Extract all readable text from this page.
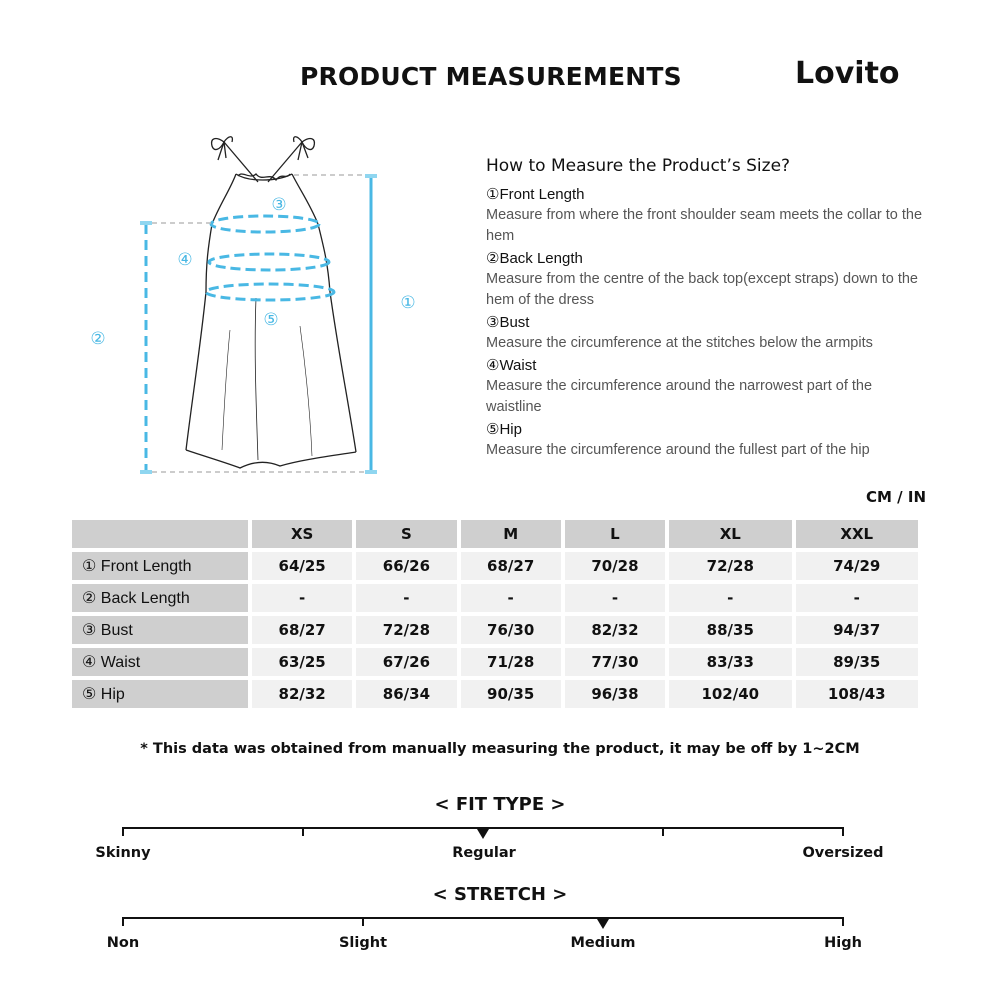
PRODUCT MEASUREMENTS	Lovito
①
②
③
④
⑤
How to Measure the Product’s Size?
①Front Length
Measure from where the front shoulder seam meets the collar to the hem
②Back Length
Measure from the centre of the back top(except straps) down to the hem of the dress
③Bust
Measure the circumference at the stitches below the armpits
④Waist
Measure the circumference around the narrowest part of the waistline
⑤Hip
Measure the circumference around the fullest part of the hip
CM / IN
	XS	S	M	L	XL	XXL
① Front Length	64/25	66/26	68/27	70/28	72/28	74/29
② Back Length	-	-	-	-	-	-
③ Bust	68/27	72/28	76/30	82/32	88/35	94/37
④ Waist	63/25	67/26	71/28	77/30	83/33	89/35
⑤ Hip	82/32	86/34	90/35	96/38	102/40	108/43
* This data was obtained from manually measuring the product, it may be off by 1~2CM
< FIT TYPE >
Skinny	Regular	Oversized
< STRETCH >
Non	Slight	Medium	High
